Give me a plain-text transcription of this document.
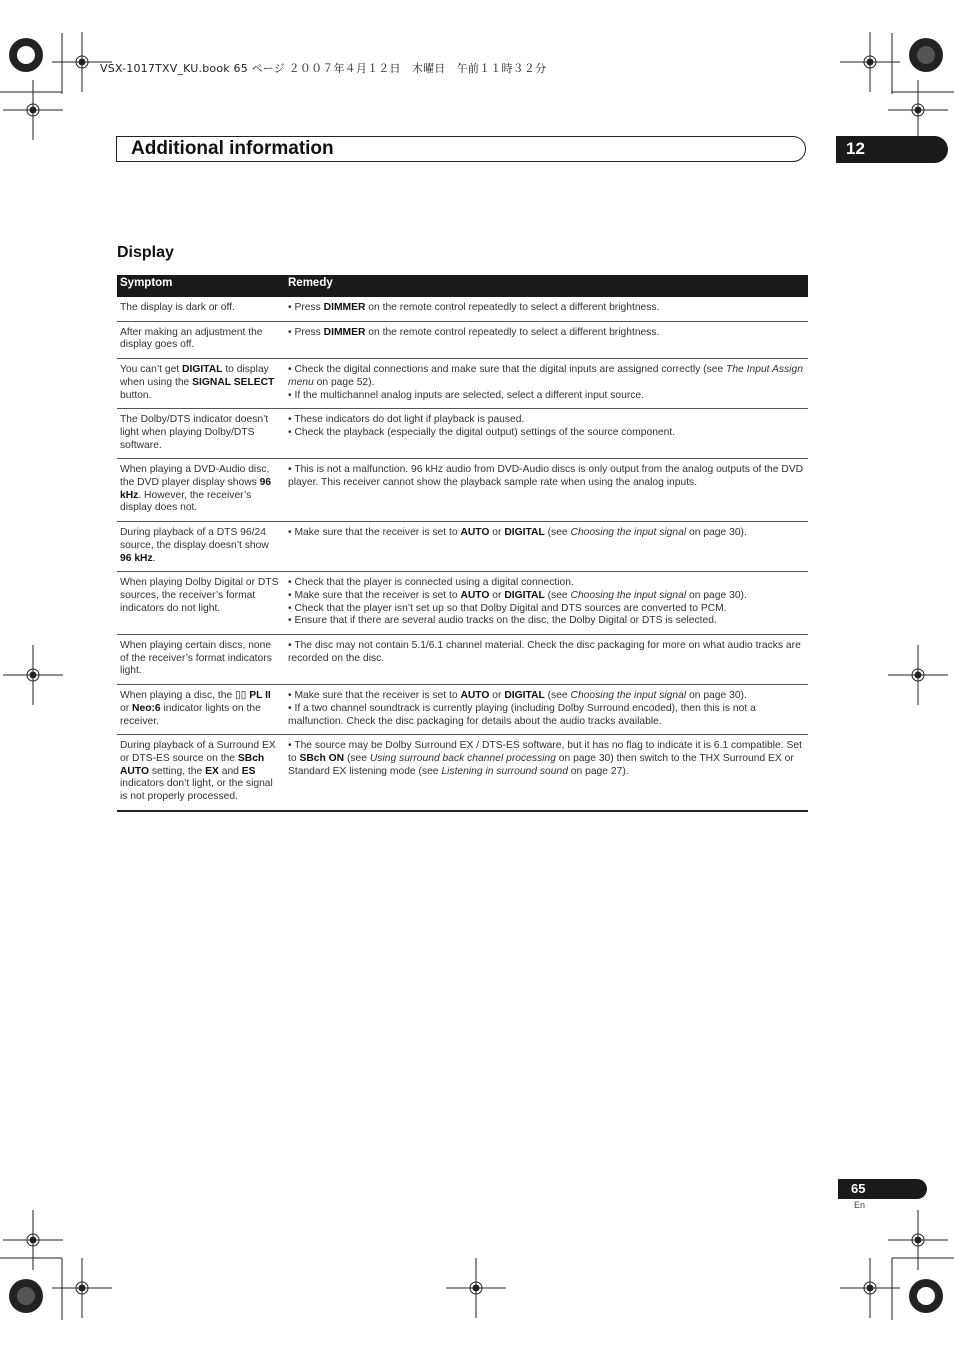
VSX-1017TXV_KU.book 65 ページ ２００７年４月１２日　木曜日　午前１１時３２分
Additional information	12
Display
Symptom	Remedy
The display is dark or off.	• Press DIMMER on the remote control repeatedly to select a different brightness.

After making an adjustment the display goes off.	• Press DIMMER on the remote control repeatedly to select a different brightness.

You can’t get DIGITAL to display when using the SIGNAL SELECT button.	• Check the digital connections and make sure that the digital inputs are assigned correctly (see The Input Assign menu on page 52).

• If the multichannel analog inputs are selected, select a different input source.

The Dolby/DTS indicator doesn’t light when playing Dolby/DTS software.	• These indicators do dot light if playback is paused.

• Check the playback (especially the digital output) settings of the source component.

When playing a DVD-Audio disc, the DVD player display shows 96 kHz. However, the receiver’s display does not.	• This is not a malfunction. 96 kHz audio from DVD-Audio discs is only output from the analog outputs of the DVD player. This receiver cannot show the playback sample rate when using the analog inputs.

During playback of a DTS 96/24 source, the display doesn’t show 96 kHz.	• Make sure that the receiver is set to AUTO or DIGITAL (see Choosing the input signal on page 30).

When playing Dolby Digital or DTS sources, the receiver’s format indicators do not light.	• Check that the player is connected using a digital connection.

• Make sure that the receiver is set to AUTO or DIGITAL (see Choosing the input signal on page 30).

• Check that the player isn’t set up so that Dolby Digital and DTS sources are converted to PCM.

• Ensure that if there are several audio tracks on the disc, the Dolby Digital or DTS is selected.

When playing certain discs, none of the receiver’s format indicators light.	• The disc may not contain 5.1/6.1 channel material. Check the disc packaging for more on what audio tracks are recorded on the disc.

When playing a disc, the ▯▯ PL II or Neo:6 indicator lights on the receiver.	• Make sure that the receiver is set to AUTO or DIGITAL (see Choosing the input signal on page 30).

• If a two channel soundtrack is currently playing (including Dolby Surround encoded), then this is not a malfunction. Check the disc packaging for details about the audio tracks available.

During playback of a Surround EX or DTS-ES source on the SBch AUTO setting, the EX and ES indicators don’t light, or the signal is not properly processed.	• The source may be Dolby Surround EX / DTS-ES software, but it has no flag to indicate it is 6.1 compatible. Set to SBch ON (see Using surround back channel processing on page 30) then switch to the THX Surround EX or Standard EX listening mode (see Listening in surround sound on page 27).

65
En
